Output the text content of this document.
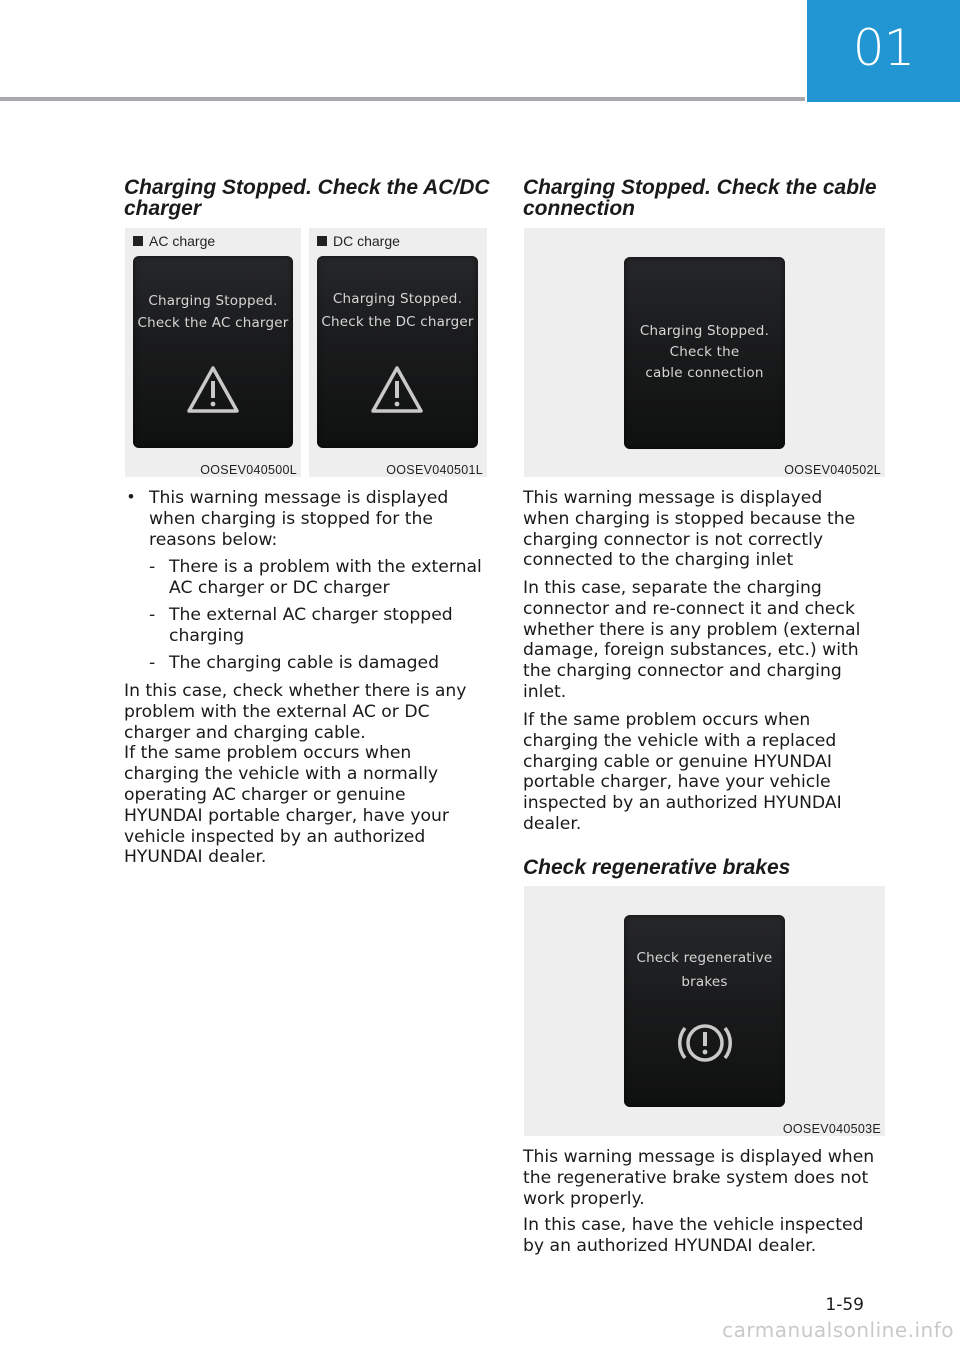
01
Charging Stopped. Check the AC/DC charger
AC charge
Charging Stopped.
Check the AC charger
OOSEV040500L
DC charge
Charging Stopped.
Check the DC charger
OOSEV040501L
• This warning message is displayed
when charging is stopped for the
reasons below:
- There is a problem with the external
AC charger or DC charger
- The external AC charger stopped
charging
- The charging cable is damaged
In this case, check whether there is any
problem with the external AC or DC
charger and charging cable.
If the same problem occurs when
charging the vehicle with a normally
operating AC charger or genuine
HYUNDAI portable charger, have your
vehicle inspected by an authorized
HYUNDAI dealer.
Charging Stopped. Check the cable connection
Charging Stopped.
Check the
cable connection
OOSEV040502L
This warning message is displayed
when charging is stopped because the
charging connector is not correctly
connected to the charging inlet
In this case, separate the charging
connector and re-connect it and check
whether there is any problem (external
damage, foreign substances, etc.) with
the charging connector and charging
inlet.
If the same problem occurs when
charging the vehicle with a replaced
charging cable or genuine HYUNDAI
portable charger, have your vehicle
inspected by an authorized HYUNDAI
dealer.
Check regenerative brakes
Check regenerative
brakes
OOSEV040503E
This warning message is displayed when
the regenerative brake system does not
work properly.
In this case, have the vehicle inspected
by an authorized HYUNDAI dealer.
1-59
carmanualsonline.info
